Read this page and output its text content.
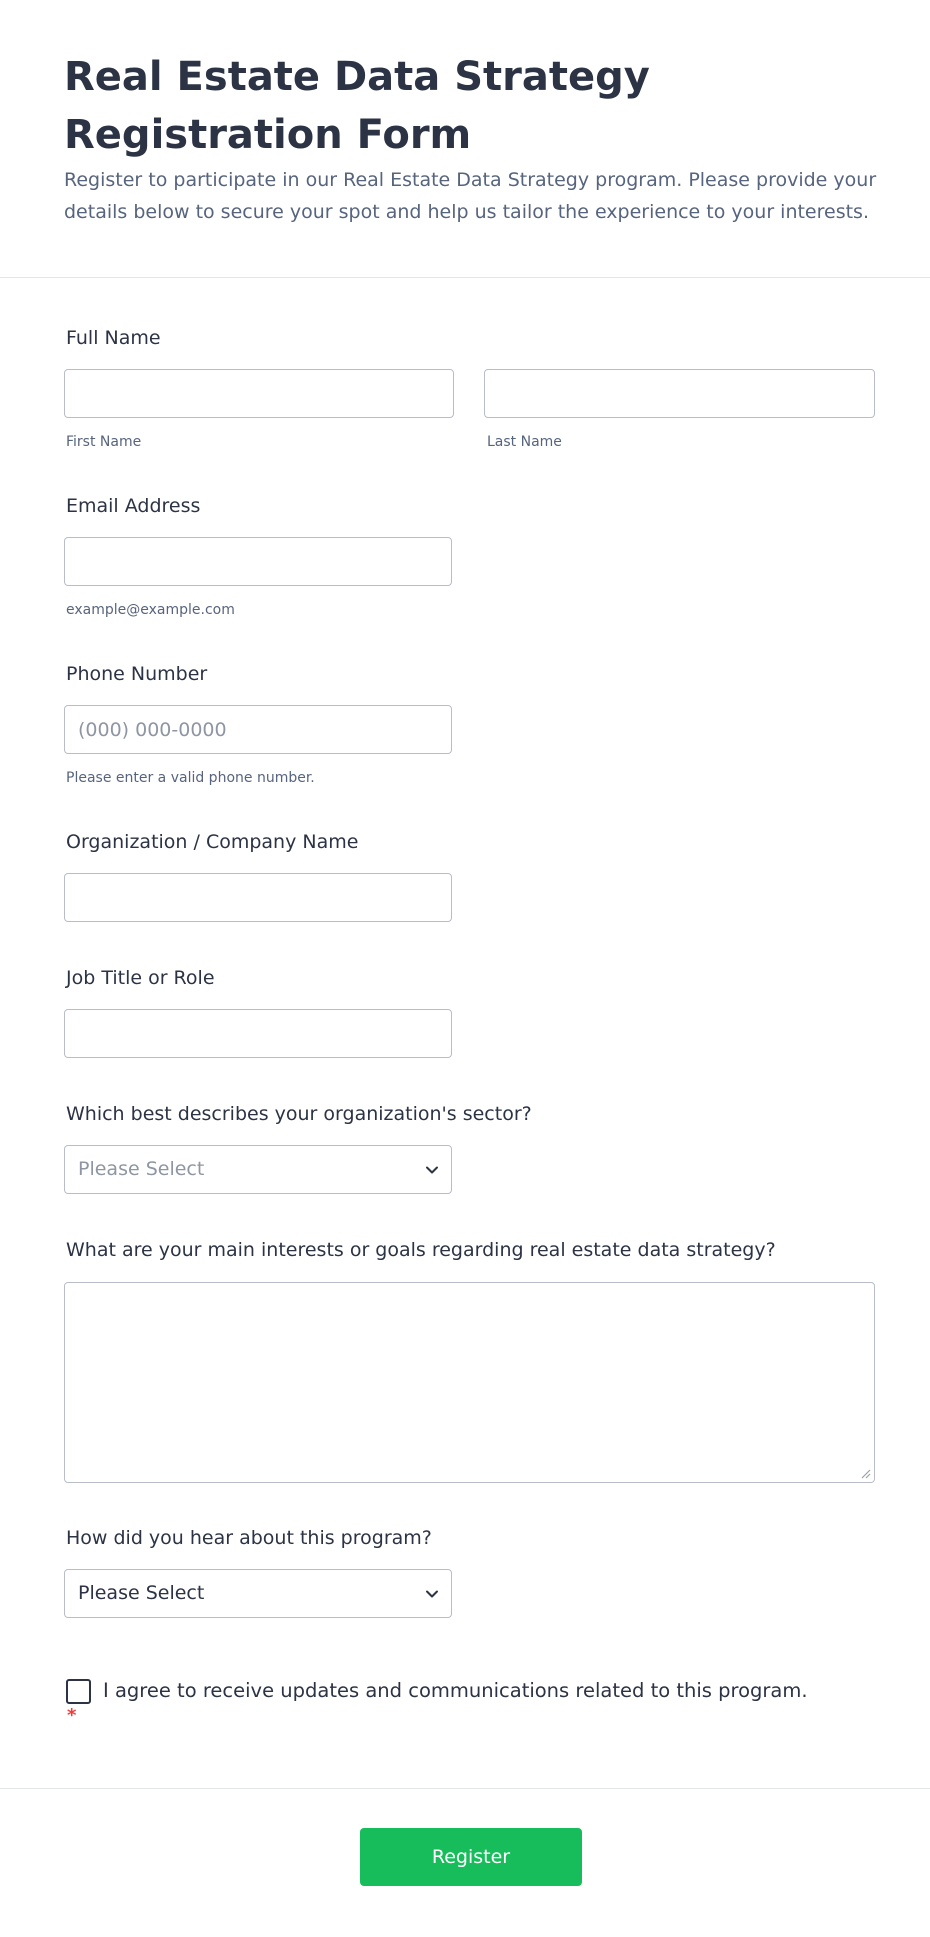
Real Estate Data Strategy Registration Form

Register to participate in our Real Estate Data Strategy program. Please provide your details below to secure your spot and help us tailor the experience to your interests.

Full Name
First Name	Last Name
Email Address
example@example.com
Phone Number
(000) 000-0000
Please enter a valid phone number.
Organization / Company Name
Job Title or Role
Which best describes your organization's sector?
Please Select
What are your main interests or goals regarding real estate data strategy?
How did you hear about this program?
Please Select
I agree to receive updates and communications related to this program.
*
Register
